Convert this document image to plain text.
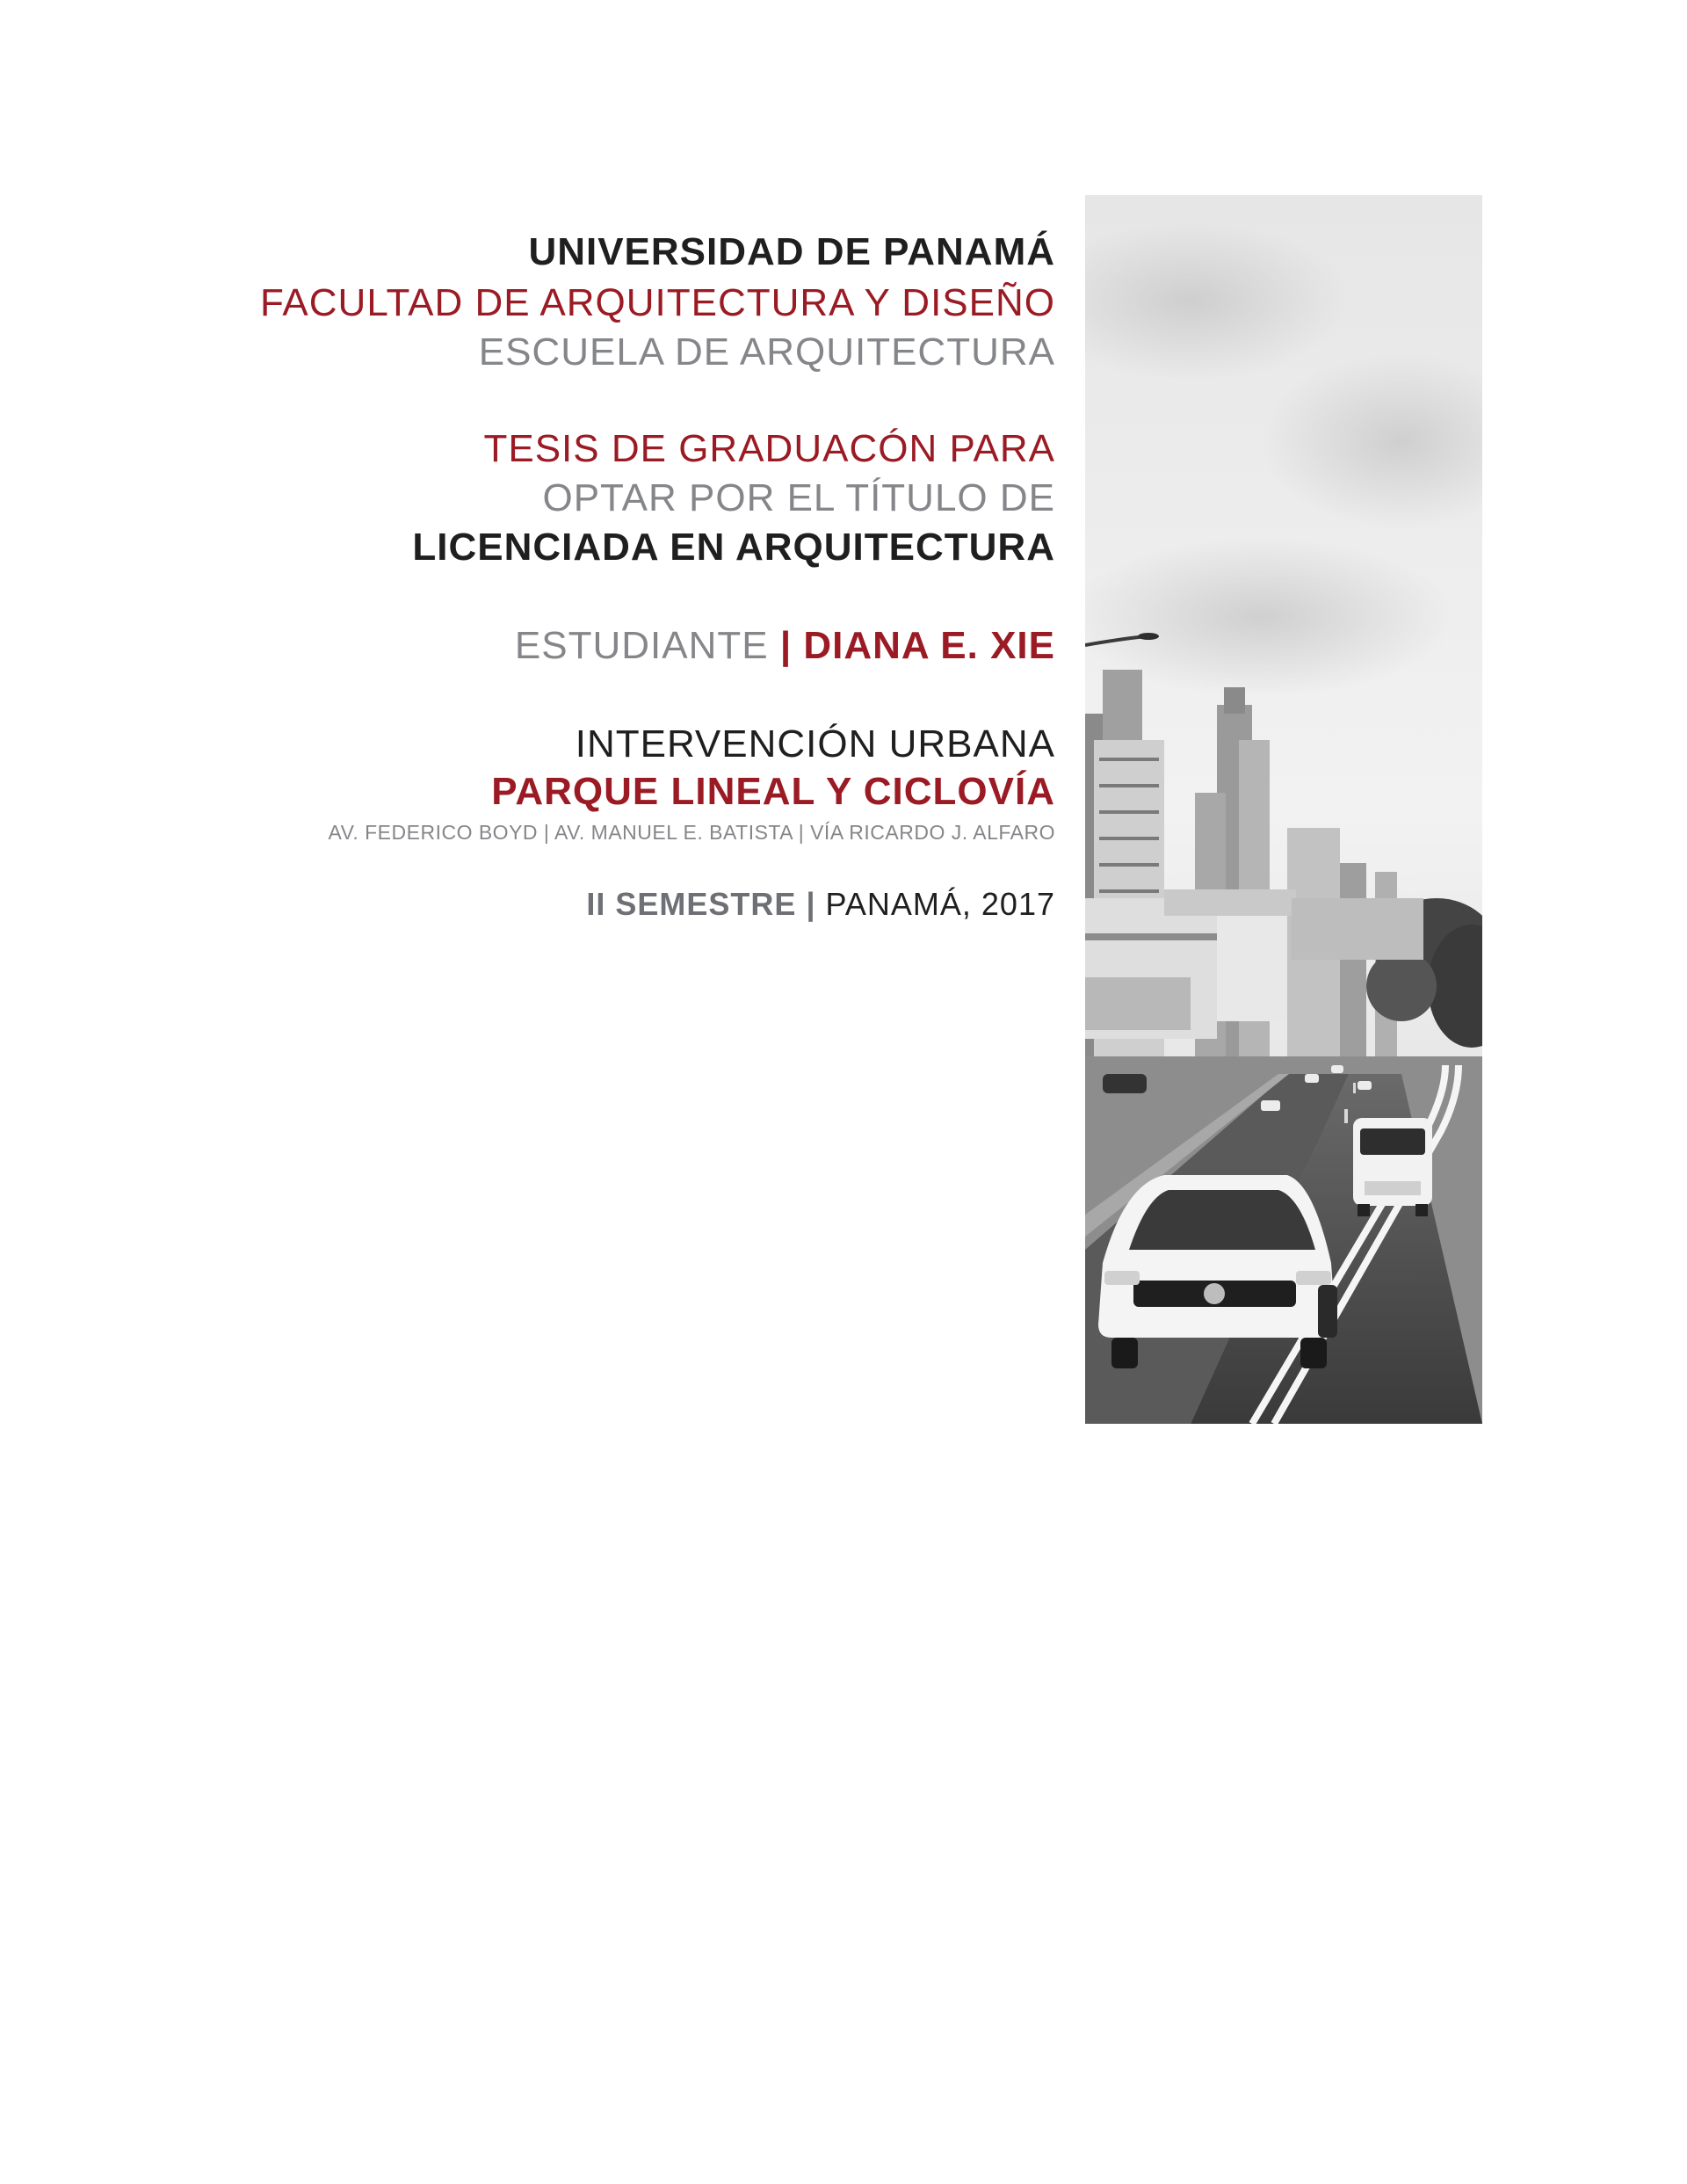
UNIVERSIDAD DE PANAMÁ
FACULTAD DE ARQUITECTURA Y DISEÑO
ESCUELA DE ARQUITECTURA
TESIS DE GRADUACÓN PARA
OPTAR POR EL TÍTULO DE
LICENCIADA EN ARQUITECTURA
ESTUDIANTE | DIANA E. XIE
INTERVENCIÓN URBANA
PARQUE LINEAL Y CICLOVÍA
AV. FEDERICO BOYD | AV. MANUEL E. BATISTA | VÍA RICARDO J. ALFARO
II SEMESTRE | PANAMÁ, 2017
